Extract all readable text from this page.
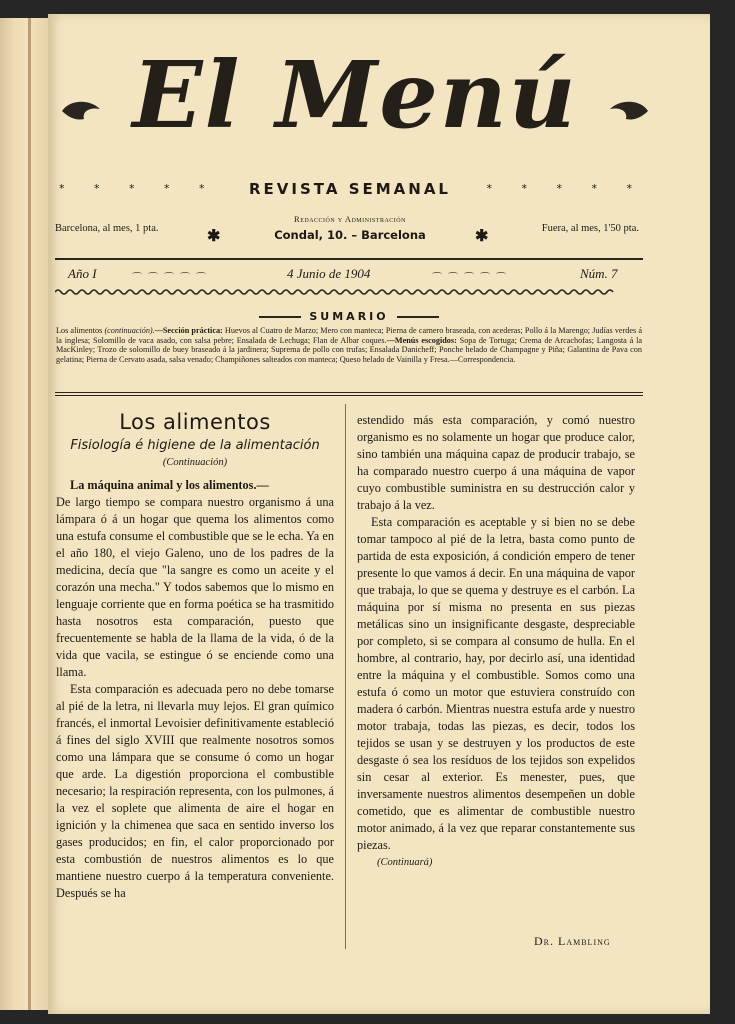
El Menú
* * * * *	REVISTA SEMANAL	* * * * *
Barcelona, al mes, 1 pta.	✱
Redacción y Administración
Condal, 10. – Barcelona	✱	Fuera, al mes, 1'50 pta.
Año I	⌒⌒⌒⌒⌒	4 Junio de 1904	⌒⌒⌒⌒⌒	Núm. 7
SUMARIO
Los alimentos (continuación).—Sección práctica: Huevos al Cuatro de Marzo; Mero con manteca; Pierna de carnero braseada, con acederas; Pollo á la Marengo; Judías verdes á la inglesa; Solomillo de vaca asado, con salsa pebre; Ensalada de Lechuga; Flan de Albar coques.—Menús escogidos: Sopa de Tortuga; Crema de Arcachofas; Langosta á la MacKinley; Trozo de solomillo de buey braseado á la jardinera; Suprema de pollo con trufas; Ensalada Danicheff; Ponche helado de Champagne y Piña; Galantina de Pava con gelatina; Pierna de Cervato asada, salsa venado; Champiñones salteados con manteca; Queso helado de Vainilla y Fresa.—Correspondencia.
Los alimentos
Fisiología é higiene de la alimentación
(Continuación)

La máquina animal y los alimentos.—
De largo tiempo se compara nuestro organismo á una lámpara ó á un hogar que quema los alimentos como una estufa consume el combustible que se le echa. Ya en el año 180, el viejo Galeno, uno de los padres de la medicina, decía que "la sangre es como un aceite y el corazón una mecha." Y todos sabemos que lo mismo en lenguaje corriente que en forma poética se ha trasmitido hasta nosotros esta comparación, puesto que frecuentemente se habla de la llama de la vida, ó de la vida que vacila, se estingue ó se enciende como una llama.

Esta comparación es adecuada pero no debe tomarse al pié de la letra, ni llevarla muy lejos. El gran químico francés, el inmortal Levoisier definitivamente estableció á fines del siglo XVIII que realmente nosotros somos como una lámpara que se consume ó como un hogar que arde. La digestión proporciona el combustible necesario; la respiración representa, con los pulmones, á la vez el soplete que alimenta de aire el hogar en ignición y la chimenea que saca en sentido inverso los gases producidos; en fin, el calor proporcionado por esta combustión de nuestros alimentos es lo que mantiene nuestro cuerpo á la temperatura conveniente. Después se ha

estendido más esta comparación, y comó nuestro organismo es no solamente un hogar que produce calor, sino también una máquina capaz de producir trabajo, se ha comparado nuestro cuerpo á una máquina de vapor cuyo combustible suministra en su destrucción calor y trabajo á la vez.

Esta comparación es aceptable y si bien no se debe tomar tampoco al pié de la letra, basta como punto de partida de esta exposición, á condición empero de tener presente lo que vamos á decir. En una máquina de vapor que trabaja, lo que se quema y destruye es el carbón. La máquina por sí misma no presenta en sus piezas metálicas sino un insignificante desgaste, despreciable por completo, si se compara al consumo de hulla. En el hombre, al contrario, hay, por decirlo así, una identidad entre la máquina y el combustible. Somos como una estufa ó como un motor que estuviera construído con madera ó carbón. Mientras nuestra estufa arde y nuestro motor trabaja, todas las piezas, es decir, todos los tejidos se usan y se destruyen y los productos de este desgaste ó sea los resíduos de los tejidos son expelidos sin cesar al exterior. Es menester, pues, que inversamente nuestros alimentos desempeñen un doble cometido, que es alimentar de combustible nuestro motor animado, á la vez que reparar constantemente sus piezas.

(Continuará)
Dr. Lambling
